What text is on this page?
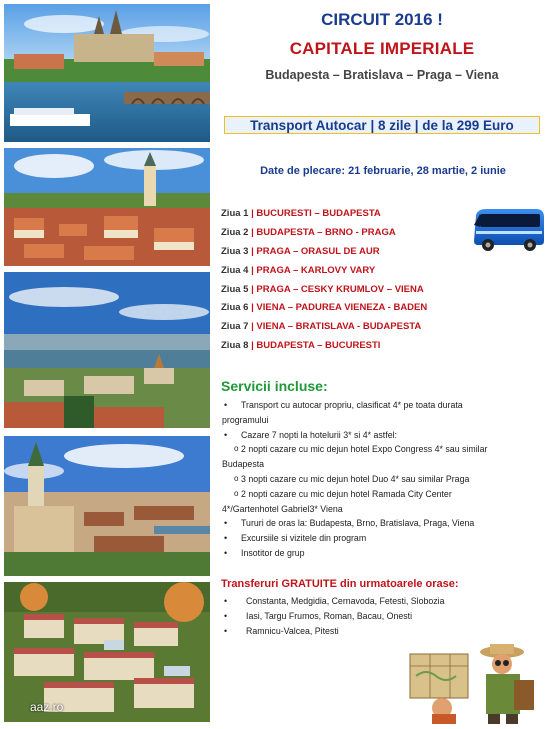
aaz.ro
CIRCUIT 2016 !
CAPITALE IMPERIALE
Budapesta – Bratislava – Praga – Viena
Transport Autocar | 8 zile | de la 299 Euro
Date de plecare: 21 februarie, 28 martie, 2 iunie
Ziua 1 | BUCURESTI – BUDAPESTA
Ziua 2 | BUDAPESTA – BRNO - PRAGA
Ziua 3 | PRAGA – ORASUL DE AUR
Ziua 4 | PRAGA – KARLOVY VARY
Ziua 5 | PRAGA – CESKY KRUMLOV – VIENA
Ziua 6 | VIENA – PADUREA VIENEZA - BADEN
Ziua 7 | VIENA – BRATISLAVA - BUDAPESTA
Ziua 8 | BUDAPESTA – BUCURESTI
Servicii incluse:
• Transport cu autocar propriu, clasificat 4* pe toata durata
programului
• Cazare 7 nopti la hotelurii 3* si 4* astfel:
o 2 nopti cazare cu mic dejun hotel Expo Congress 4* sau similar
Budapesta
o 3 nopti cazare cu mic dejun hotel Duo 4* sau similar Praga
o 2 nopti cazare cu mic dejun hotel Ramada City Center
4*/Gartenhotel Gabriel3* Viena
• Tururi de oras la: Budapesta, Brno, Bratislava, Praga, Viena
• Excursiile si vizitele din program
• Insotitor de grup
Transferuri GRATUITE din urmatoarele orase:
• Constanta, Medgidia, Cernavoda, Fetesti, Slobozia
• Iasi, Targu Frumos, Roman, Bacau, Onesti
• Ramnicu-Valcea, Pitesti
